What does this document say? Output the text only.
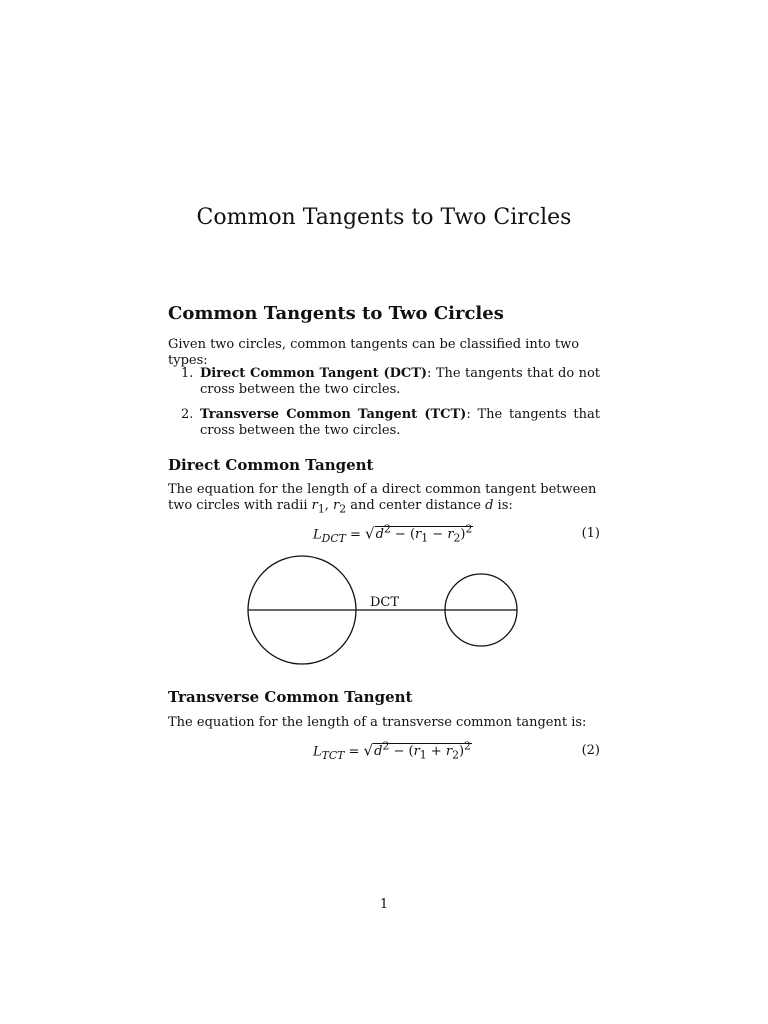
Common Tangents to Two Circles
Common Tangents to Two Circles
Given two circles, common tangents can be classified into two types:
1. Direct Common Tangent (DCT): The tangents that do not cross between the two circles.
2. Transverse Common Tangent (TCT): The tangents that cross between the two circles.
Direct Common Tangent
The equation for the length of a direct common tangent between two circles with radii $r_1$, $r_2$ and center distance d is:
$L_{DCT} = √d^2 - (r_1 - r_2)^2$	(1)
DCT
Transverse Common Tangent
The equation for the length of a transverse common tangent is:
$L_{TCT} = √d^2 - (r_1 + r_2)^2$	(2)
1
